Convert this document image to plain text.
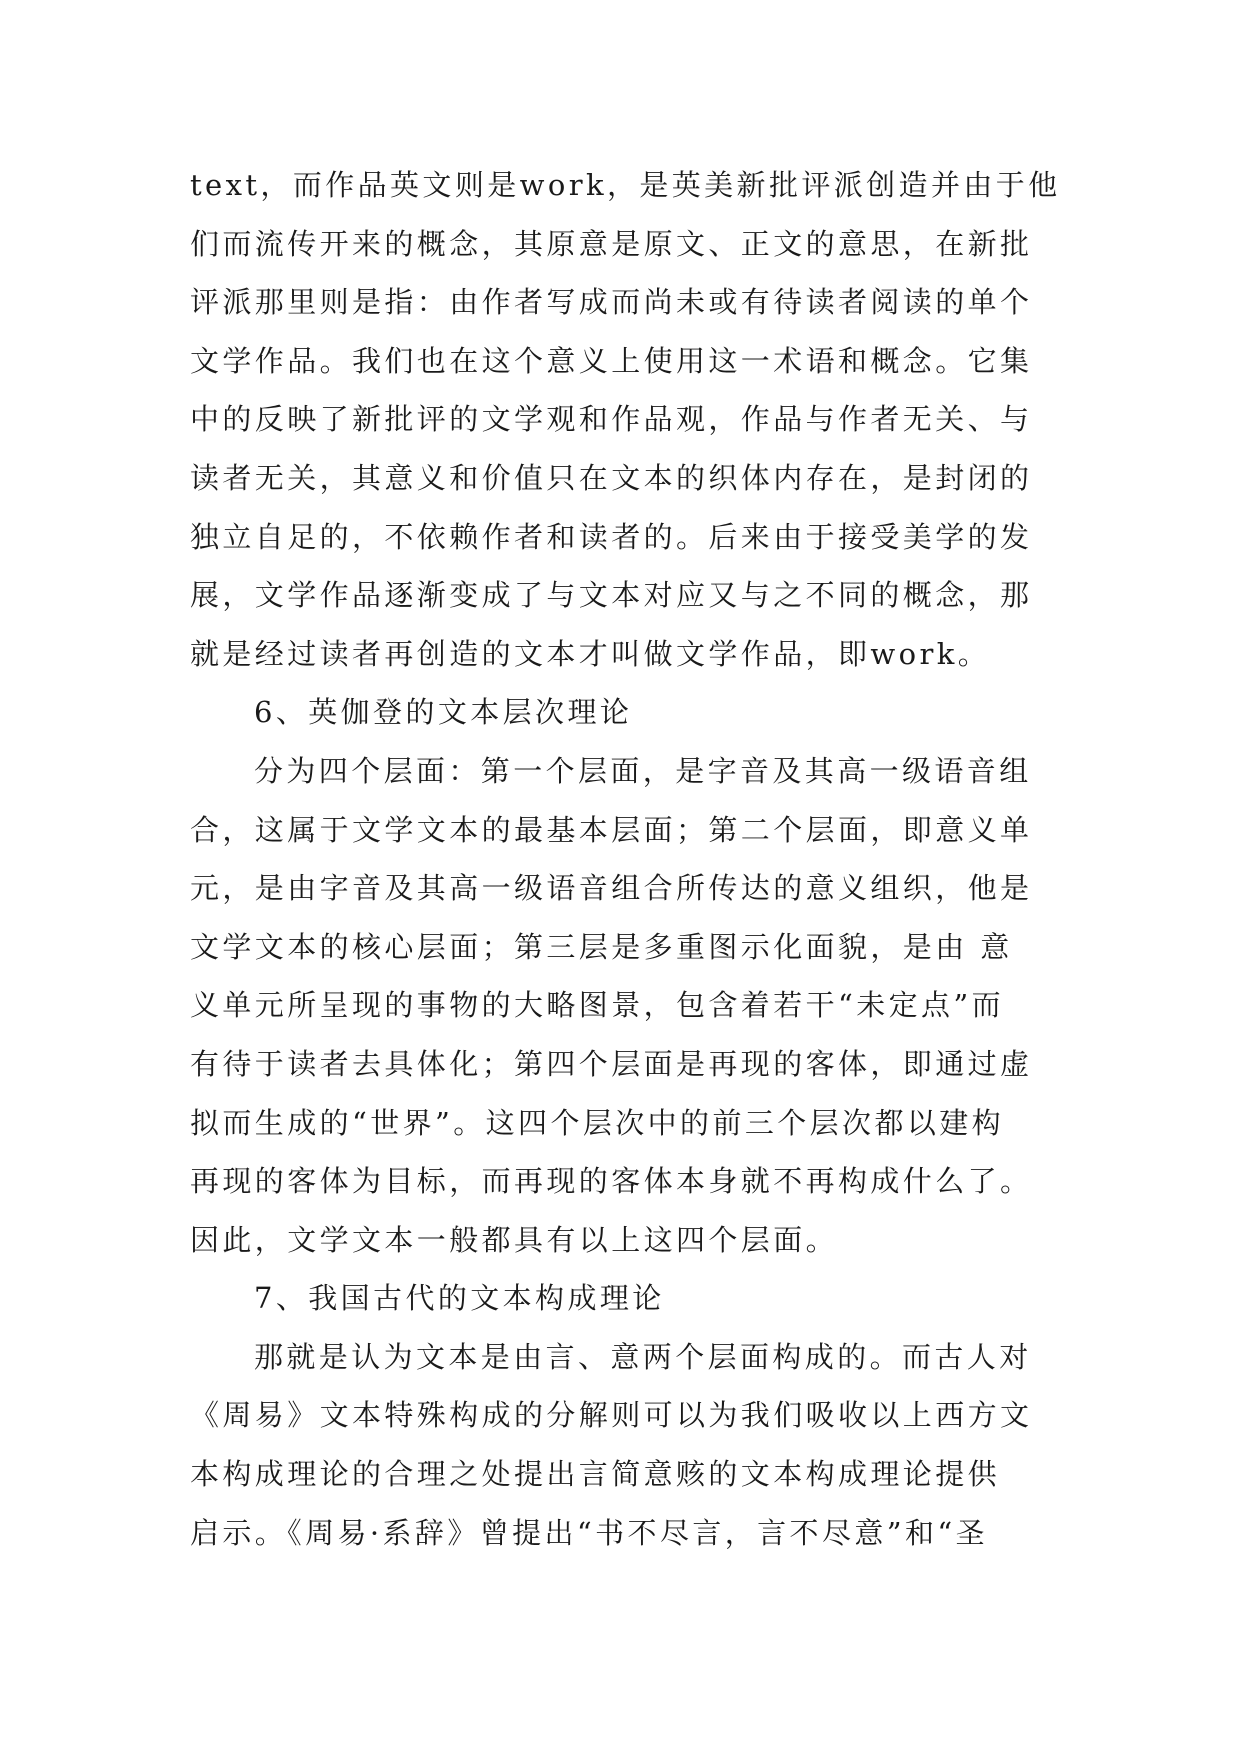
text，而作品英文则是work，是英美新批评派创造并由于他
们而流传开来的概念，其原意是原文、正文的意思，在新批
评派那里则是指：由作者写成而尚未或有待读者阅读的单个
文学作品。我们也在这个意义上使用这一术语和概念。它集
中的反映了新批评的文学观和作品观，作品与作者无关、与
读者无关，其意义和价值只在文本的织体内存在，是封闭的
独立自足的，不依赖作者和读者的。后来由于接受美学的发
展，文学作品逐渐变成了与文本对应又与之不同的概念，那
就是经过读者再创造的文本才叫做文学作品，即work。
6、英伽登的文本层次理论
分为四个层面：第一个层面，是字音及其高一级语音组
合，这属于文学文本的最基本层面；第二个层面，即意义单
元，是由字音及其高一级语音组合所传达的意义组织，他是
文学文本的核心层面；第三层是多重图示化面貌，是由 意
义单元所呈现的事物的大略图景，包含着若干“未定点”而
有待于读者去具体化；第四个层面是再现的客体，即通过虚
拟而生成的“世界”。这四个层次中的前三个层次都以建构
再现的客体为目标，而再现的客体本身就不再构成什么了。
因此，文学文本一般都具有以上这四个层面。
7、我国古代的文本构成理论
那就是认为文本是由言、意两个层面构成的。而古人对
《周易》文本特殊构成的分解则可以为我们吸收以上西方文
本构成理论的合理之处提出言简意赅的文本构成理论提供
启示。《周易·系辞》曾提出“书不尽言，言不尽意”和“圣
